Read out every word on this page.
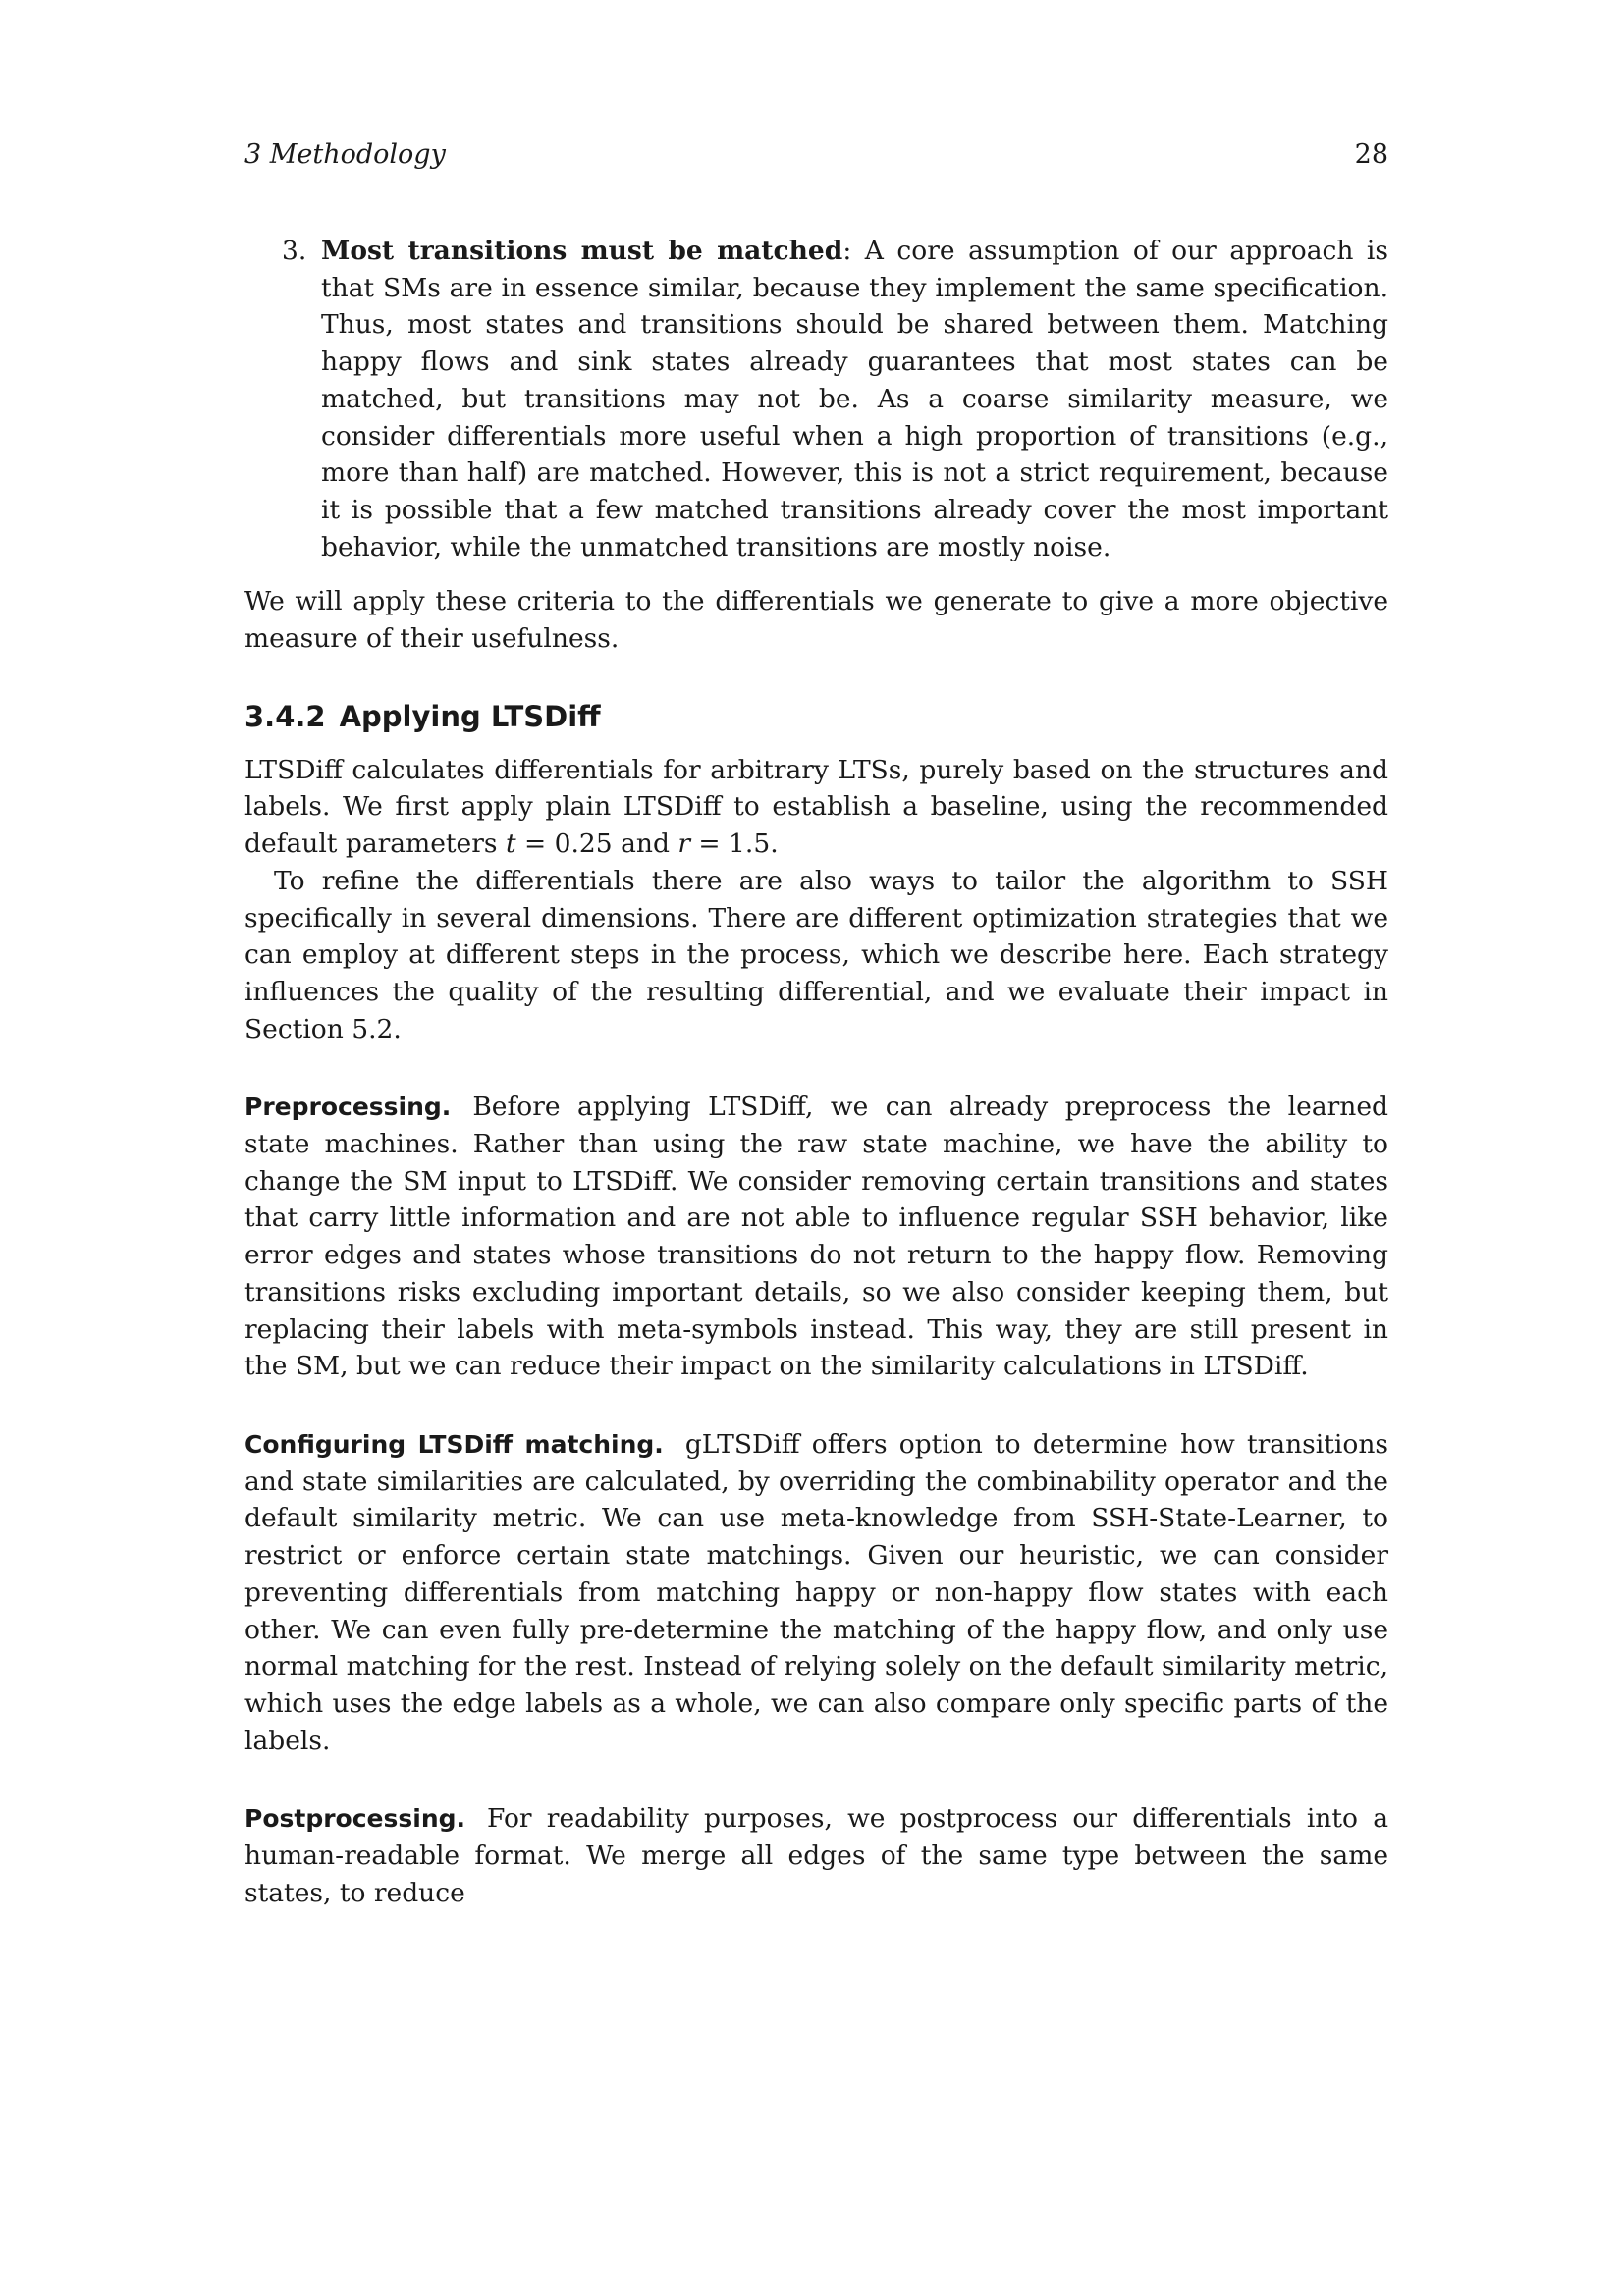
3 Methodology	28
3. Most transitions must be matched: A core assumption of our approach is that SMs are in essence similar, because they implement the same specification. Thus, most states and transitions should be shared between them. Matching happy flows and sink states already guarantees that most states can be matched, but transitions may not be. As a coarse similarity measure, we consider differentials more useful when a high proportion of transitions (e.g., more than half) are matched. However, this is not a strict requirement, because it is possible that a few matched transitions already cover the most important behavior, while the unmatched transitions are mostly noise.

We will apply these criteria to the differentials we generate to give a more objective measure of their usefulness.

3.4.2 Applying LTSDiff

LTSDiff calculates differentials for arbitrary LTSs, purely based on the structures and labels. We first apply plain LTSDiff to establish a baseline, using the recommended default parameters t = 0.25 and r = 1.5.

To refine the differentials there are also ways to tailor the algorithm to SSH specifically in several dimensions. There are different optimization strategies that we can employ at different steps in the process, which we describe here. Each strategy influences the quality of the resulting differential, and we evaluate their impact in Section 5.2.

Preprocessing. Before applying LTSDiff, we can already preprocess the learned state machines. Rather than using the raw state machine, we have the ability to change the SM input to LTSDiff. We consider removing certain transitions and states that carry little information and are not able to influence regular SSH behavior, like error edges and states whose transitions do not return to the happy flow. Removing transitions risks excluding important details, so we also consider keeping them, but replacing their labels with meta-symbols instead. This way, they are still present in the SM, but we can reduce their impact on the similarity calculations in LTSDiff.

Configuring LTSDiff matching. gLTSDiff offers option to determine how transitions and state similarities are calculated, by overriding the combinability operator and the default similarity metric. We can use meta-knowledge from SSH-State-Learner, to restrict or enforce certain state matchings. Given our heuristic, we can consider preventing differentials from matching happy or non-happy flow states with each other. We can even fully pre-determine the matching of the happy flow, and only use normal matching for the rest. Instead of relying solely on the default similarity metric, which uses the edge labels as a whole, we can also compare only specific parts of the labels.

Postprocessing. For readability purposes, we postprocess our differentials into a human-readable format. We merge all edges of the same type between the same states, to reduce
